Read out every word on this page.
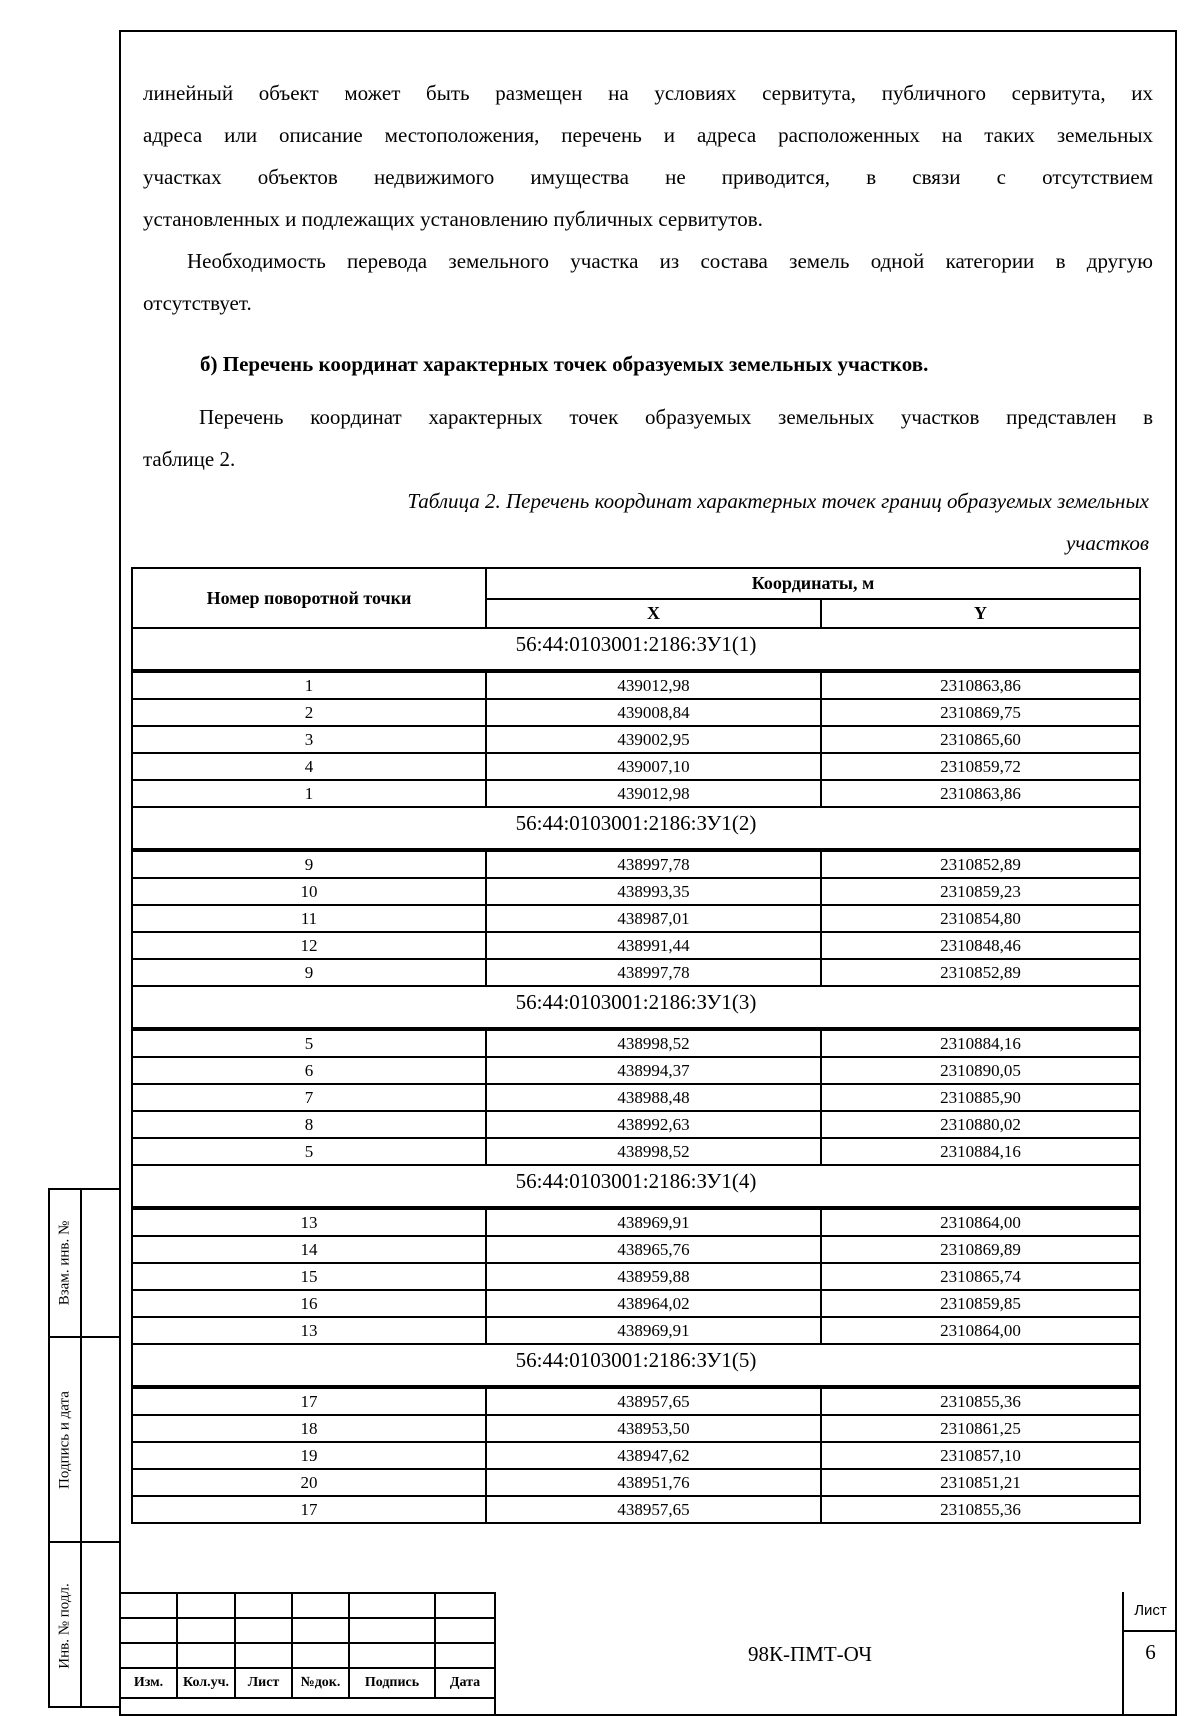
линейный объект может быть размещен на условиях сервитута, публичного сервитута, их
адреса или описание местоположения, перечень и адреса расположенных на таких земельных
участках объектов недвижимого имущества не приводится, в связи с отсутствием
установленных и подлежащих установлению публичных сервитутов.
Необходимость перевода земельного участка из состава земель одной категории в другую
отсутствует.
б) Перечень координат характерных точек образуемых земельных участков.
Перечень координат характерных точек образуемых земельных участков представлен в
таблице 2.
Таблица 2. Перечень координат характерных точек границ образуемых земельных
участков
Номер поворотной точки	Координаты, м	
	X	Y
56:44:0103001:2186:ЗУ1(1)		
1	439012,98	2310863,86
2	439008,84	2310869,75
3	439002,95	2310865,60
4	439007,10	2310859,72
1	439012,98	2310863,86
56:44:0103001:2186:ЗУ1(2)		
9	438997,78	2310852,89
10	438993,35	2310859,23
11	438987,01	2310854,80
12	438991,44	2310848,46
9	438997,78	2310852,89
56:44:0103001:2186:ЗУ1(3)		
5	438998,52	2310884,16
6	438994,37	2310890,05
7	438988,48	2310885,90
8	438992,63	2310880,02
5	438998,52	2310884,16
56:44:0103001:2186:ЗУ1(4)		
13	438969,91	2310864,00
14	438965,76	2310869,89
15	438959,88	2310865,74
16	438964,02	2310859,85
13	438969,91	2310864,00
56:44:0103001:2186:ЗУ1(5)		
17	438957,65	2310855,36
18	438953,50	2310861,25
19	438947,62	2310857,10
20	438951,76	2310851,21
17	438957,65	2310855,36
Взам. инв. №
Подпись и дата
Инв. № подл.

Изм.	Кол.уч.	Лист	№док.	Подпись	Дата
98К-ПМТ-ОЧ
Лист
6
